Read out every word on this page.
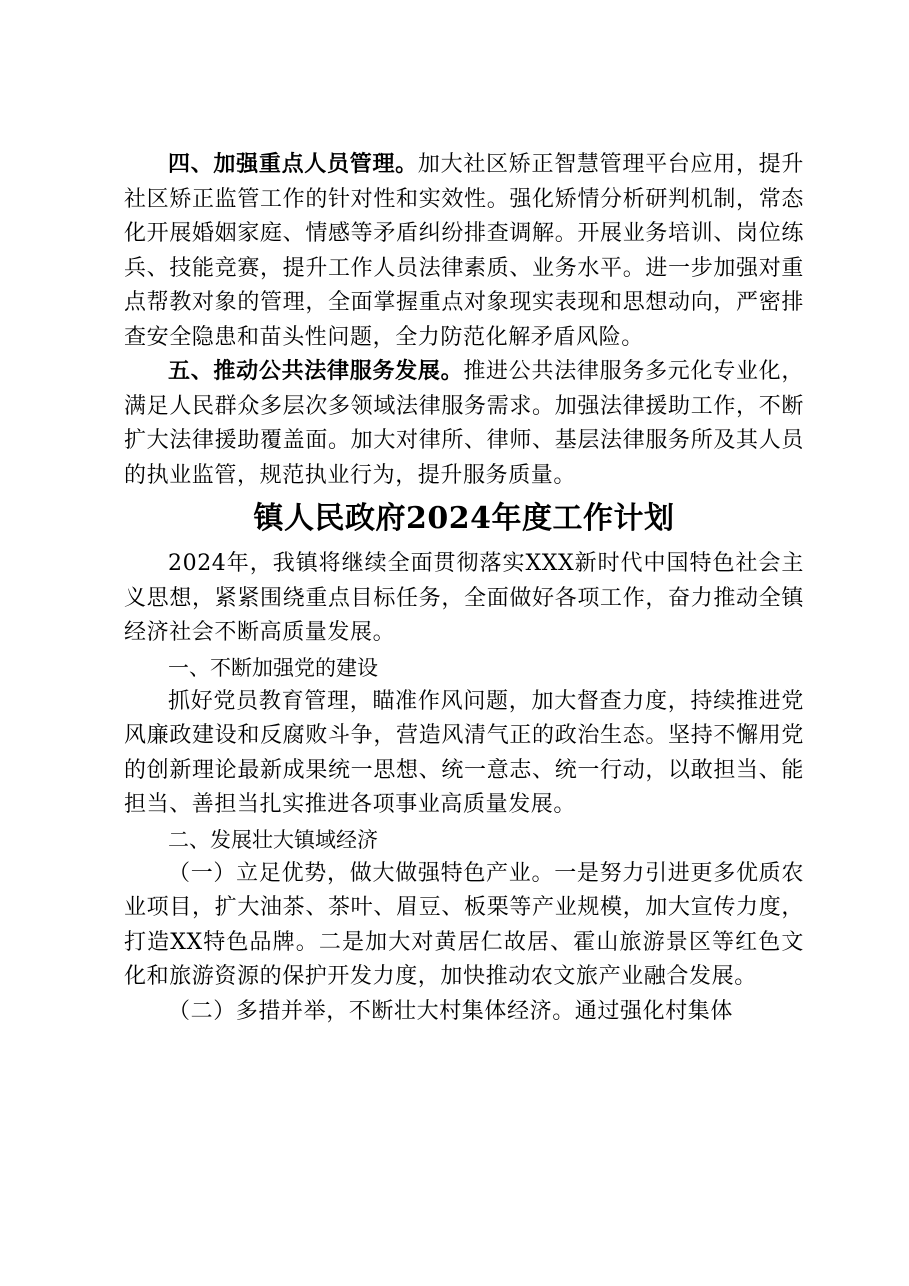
四、加强重点人员管理。加大社区矫正智慧管理平台应用，提升社区矫正监管工作的针对性和实效性。强化矫情分析研判机制，常态化开展婚姻家庭、情感等矛盾纠纷排查调解。开展业务培训、岗位练兵、技能竞赛，提升工作人员法律素质、业务水平。进一步加强对重点帮教对象的管理，全面掌握重点对象现实表现和思想动向，严密排查安全隐患和苗头性问题，全力防范化解矛盾风险。

五、推动公共法律服务发展。推进公共法律服务多元化专业化，满足人民群众多层次多领域法律服务需求。加强法律援助工作，不断扩大法律援助覆盖面。加大对律所、律师、基层法律服务所及其人员的执业监管，规范执业行为，提升服务质量。

镇人民政府2024年度工作计划

2024年，我镇将继续全面贯彻落实XXX新时代中国特色社会主义思想，紧紧围绕重点目标任务，全面做好各项工作，奋力推动全镇经济社会不断高质量发展。

一、不断加强党的建设

抓好党员教育管理，瞄准作风问题，加大督查力度，持续推进党风廉政建设和反腐败斗争，营造风清气正的政治生态。坚持不懈用党的创新理论最新成果统一思想、统一意志、统一行动，以敢担当、能担当、善担当扎实推进各项事业高质量发展。

二、发展壮大镇域经济

（一）立足优势，做大做强特色产业。一是努力引进更多优质农业项目，扩大油茶、茶叶、眉豆、板栗等产业规模，加大宣传力度，打造XX特色品牌。二是加大对黄居仁故居、霍山旅游景区等红色文化和旅游资源的保护开发力度，加快推动农文旅产业融合发展。

（二）多措并举，不断壮大村集体经济。通过强化村集体
